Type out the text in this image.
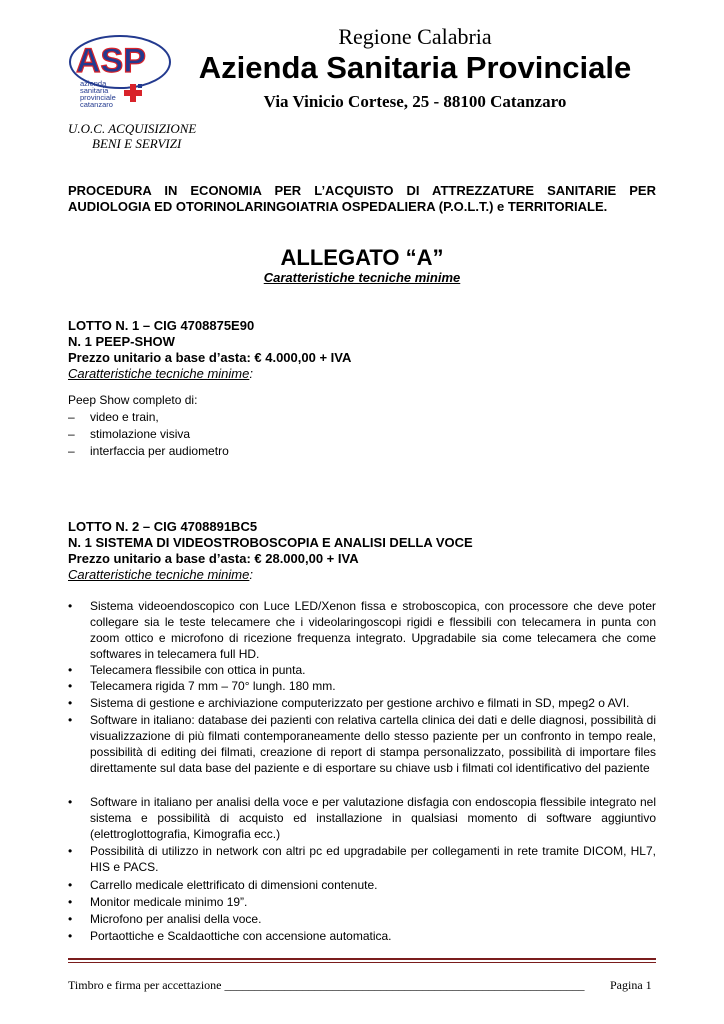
ASP
azienda
sanitaria
provinciale
catanzaro
Regione Calabria
Azienda Sanitaria Provinciale
Via Vinicio Cortese, 25 - 88100 Catanzaro
U.O.C. ACQUISIZIONE
BENI E SERVIZI
PROCEDURA IN ECONOMIA PER L’ACQUISTO DI ATTREZZATURE SANITARIE PER AUDIOLOGIA ED OTORINOLARINGOIATRIA OSPEDALIERA (P.O.L.T.) e TERRITORIALE.
ALLEGATO “A”
Caratteristiche tecniche minime
LOTTO N. 1 – CIG 4708875E90
N. 1 PEEP-SHOW
Prezzo unitario a base d’asta: € 4.000,00 + IVA
Caratteristiche tecniche minime:
Peep Show completo di:
– video e train,
– stimolazione visiva
– interfaccia per audiometro
LOTTO N. 2 – CIG 4708891BC5
N. 1 SISTEMA DI VIDEOSTROBOSCOPIA E ANALISI DELLA VOCE
Prezzo unitario a base d’asta: € 28.000,00 + IVA
Caratteristiche tecniche minime:
•	Sistema videoendoscopico con Luce LED/Xenon fissa e stroboscopica, con processore che deve poter collegare sia le teste telecamere che i videolaringoscopi rigidi e flessibili con telecamera in punta con zoom ottico e microfono di ricezione frequenza integrato. Upgradabile sia come telecamera che come softwares in telecamera full HD.
•	Telecamera flessibile con ottica in punta.
•	Telecamera rigida 7 mm – 70° lungh. 180 mm.
•	Sistema di gestione e archiviazione computerizzato per gestione archivo e filmati in SD, mpeg2 o AVI.
•	Software in italiano: database dei pazienti con relativa cartella clinica dei dati e delle diagnosi, possibilità di visualizzazione di più filmati contemporaneamente dello stesso paziente per un confronto in tempo reale, possibilità di editing dei filmati, creazione di report di stampa personalizzato, possibilità di importare files direttamente sul data base del paziente e di esportare su chiave usb i filmati col identificativo del paziente
•	Software in italiano per analisi della voce e per valutazione disfagia con endoscopia flessibile integrato nel sistema e possibilità di acquisto ed installazione in qualsiasi momento di software aggiuntivo (elettroglottografia, Kimografia ecc.)
•	Possibilità di utilizzo in network con altri pc ed upgradabile per collegamenti in rete tramite DICOM, HL7, HIS e PACS.
•	Carrello medicale elettrificato di dimensioni contenute.
•	Monitor medicale minimo 19”.
•	Microfono per analisi della voce.
•	Portaottiche e Scaldaottiche con accensione automatica.
Timbro e firma per accettazione ____________________________________________________________ Pagina 1
